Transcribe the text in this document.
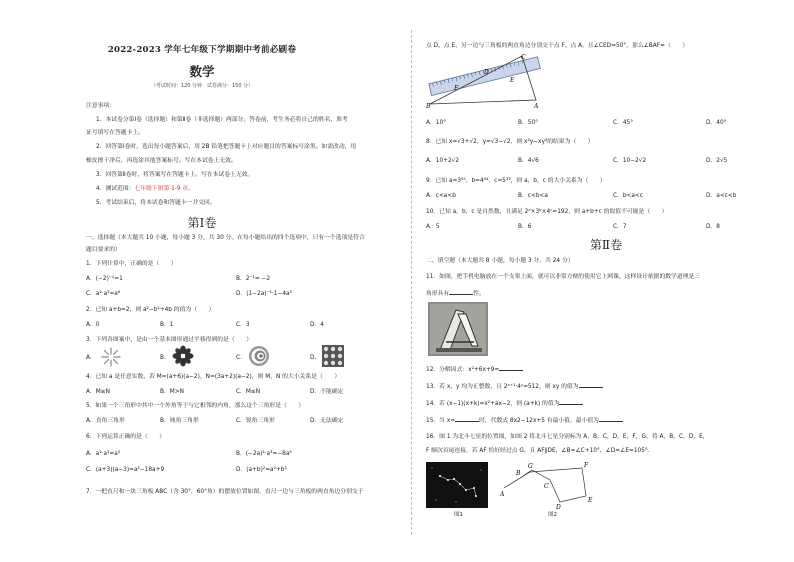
2022-2023 学年七年级下学期期中考前必刷卷
数学
（考试时间：120 分钟　试卷满分：150 分）
注意事项：
1．本试卷分第Ⅰ卷（选择题）和第Ⅱ卷（非选择题）两部分。答卷前，考生务必将自己的姓名、准考
证号填写在答题卡上。
2．回答第Ⅰ卷时，选出每小题答案后，用 2B 铅笔把答题卡上对应题目的答案标号涂黑。如需改动，用
橡皮擦干净后，再选涂其他答案标号。写在本试卷上无效。
3．回答第Ⅱ卷时，将答案写在答题卡上。写在本试卷上无效。
4．测试范围：七年级下册第 1-9 章。
5．考试结束后，将本试卷和答题卡一并交回。
第Ⅰ卷
一、选择题（本大题共 10 小题，每小题 3 分，共 30 分。在每小题给出的四个选项中，只有一个选项是符合
题目要求的）
1．下列计算中，正确的是（　　）
A．(−2)⁻¹=1	B．2⁻¹= −2
C．a²·a³=a⁶	D．(1−2a)⁻¹·1−4a²
2．已知 a+b=2，则 a²−b²+4b 的值为（　　）
A．0	B．1	C．3	D．4
3．下列各图案中，是由一个基本图形通过平移得到的是（　　）
A．	B．	C．	D．
4．已知 a 是任意实数，若 M=(a+6)(a−2)，N=(3a+2)(a−2)，则 M，N 的大小关系是（　　）
A．M≥N	B．M>N	C．M≤N	D．不能确定
5．如果一个三角形中其中一个外角等于与它相邻的内角，那么这个三角形是（　　）
A．直角三角形	B．钝角三角形	C．锐角三角形	D．无法确定
6．下列运算正确的是（　　）
A．a²·a³=a⁵	B．(−2a)²·a³=−8a⁶
C．(a+3)(a−3)=a²−18a+9	D．(a+b)²=a²+b²
7．一把直尺和一块三角板 ABC（含 30°，60°角）的摆放位置如图，直尺一边与三角板的两直角边分别交于
点 D，点 E，另一边与三角板的两直角边分别交于点 F、点 A，且∠CED=50°，那么∠BAF=（　　）
B
D
C
E
F
A
A．10°	B．50°	C．45°	D．40°
8．已知 x=√3+√2，y=√3−√2，则 x³y−xy³的结果为（　　）
A．10+2√2	B．4√6	C．10−2√2	D．2√5
9．已知 a=3⁵⁵，b=4⁴⁴，c=5³³，则 a，b，c 的大小关系为（　　）
A．c<a<b	B．c<b<a	C．b<a<c	D．a<c<b
10．已知 a，b，c 是自然数，且满足 2ᵃ×3ᵇ×4ᶜ=192，则 a+b+c 的取值不可能是（　　）
A．5	B．6	C．7	D．8
第Ⅱ卷
二、填空题（本大题共 8 小题，每小题 3 分，共 24 分）
11．如图，把手机电脑放在一个支架上面，就可以非常方便的使用它上网课，这样设计依据的数学道理是三
角形具有	性。
12．分解因式：x²+6x+9=
13．若 x，y 均为正整数，且 2ˣ⁺¹·4ʸ=512，则 xy 的值为
14．若 (x−1)(x+k)=x²+ax−2，则 (a+k) 的值为
15．当 x=	时，代数式 8x2−12x+5 有最小值，最小值为
16．图 1 为北斗七星的位置图，如图 2 将北斗七星分别标为 A，B，C，D，E，F，G，将 A，B，C，D，E，
F 顺次首尾连接，若 AF 恰好经过点 G，且 AF∥DE，∠B=∠C+10°，∠D=∠E=105°．
图1
A
B
G
C
D
F
E
图2
